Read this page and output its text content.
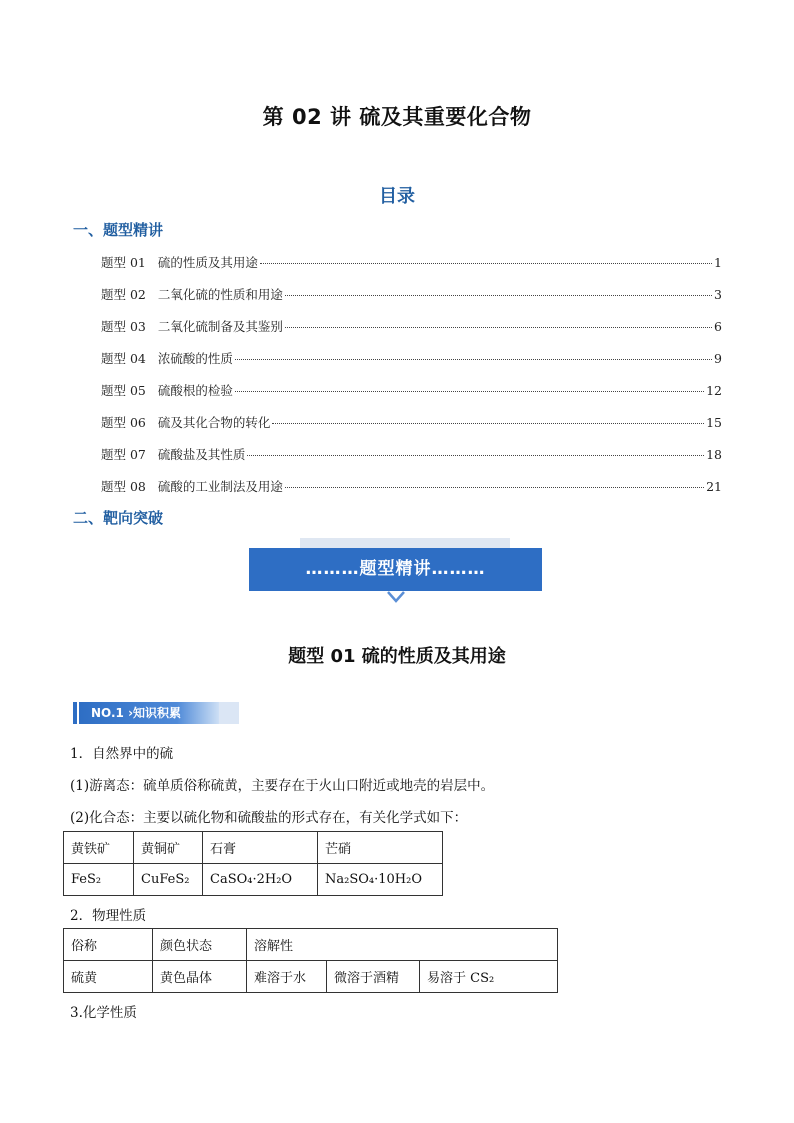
第 02 讲 硫及其重要化合物
目录
一、题型精讲
题型 01 硫的性质及其用途	1
题型 02 二氧化硫的性质和用途	3
题型 03 二氧化硫制备及其鉴别	6
题型 04 浓硫酸的性质	9
题型 05 硫酸根的检验	12
题型 06 硫及其化合物的转化	15
题型 07 硫酸盐及其性质	18
题型 08 硫酸的工业制法及用途	21
二、靶向突破
………题型精讲………
题型 01 硫的性质及其用途
NO.1 ›知识积累
1．自然界中的硫
(1)游离态：硫单质俗称硫黄，主要存在于火山口附近或地壳的岩层中。
(2)化合态：主要以硫化物和硫酸盐的形式存在，有关化学式如下：
黄铁矿	黄铜矿	石膏	芒硝
FeS₂	CuFeS₂	CaSO₄·2H₂O	Na₂SO₄·10H₂O
2．物理性质
俗称	颜色状态	溶解性		
硫黄	黄色晶体	难溶于水	微溶于酒精	易溶于 CS₂
3.化学性质
